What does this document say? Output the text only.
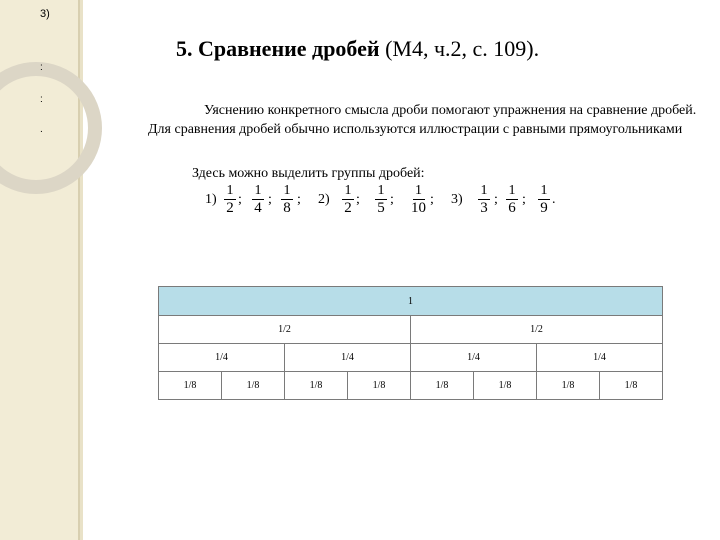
3)
:
:
.
5. Сравнение дробей (М4, ч.2, с. 109).
Уяснению конкретного смысла дроби помогают упражнения на сравнение дробей. Для сравнения дробей обычно используются иллюстрации с равными прямоугольниками
Здесь можно выделить группы дробей:
1							
1/2				1/2			
1/4		1/4		1/4		1/4	
1/8	1/8	1/8	1/8	1/8	1/8	1/8	1/8
1)
1
2
1
4
1
8
; ; ; 2)
1
2
1
5
1
10
; ;	; 3)
1
3
1
6
1
9
; ; .
